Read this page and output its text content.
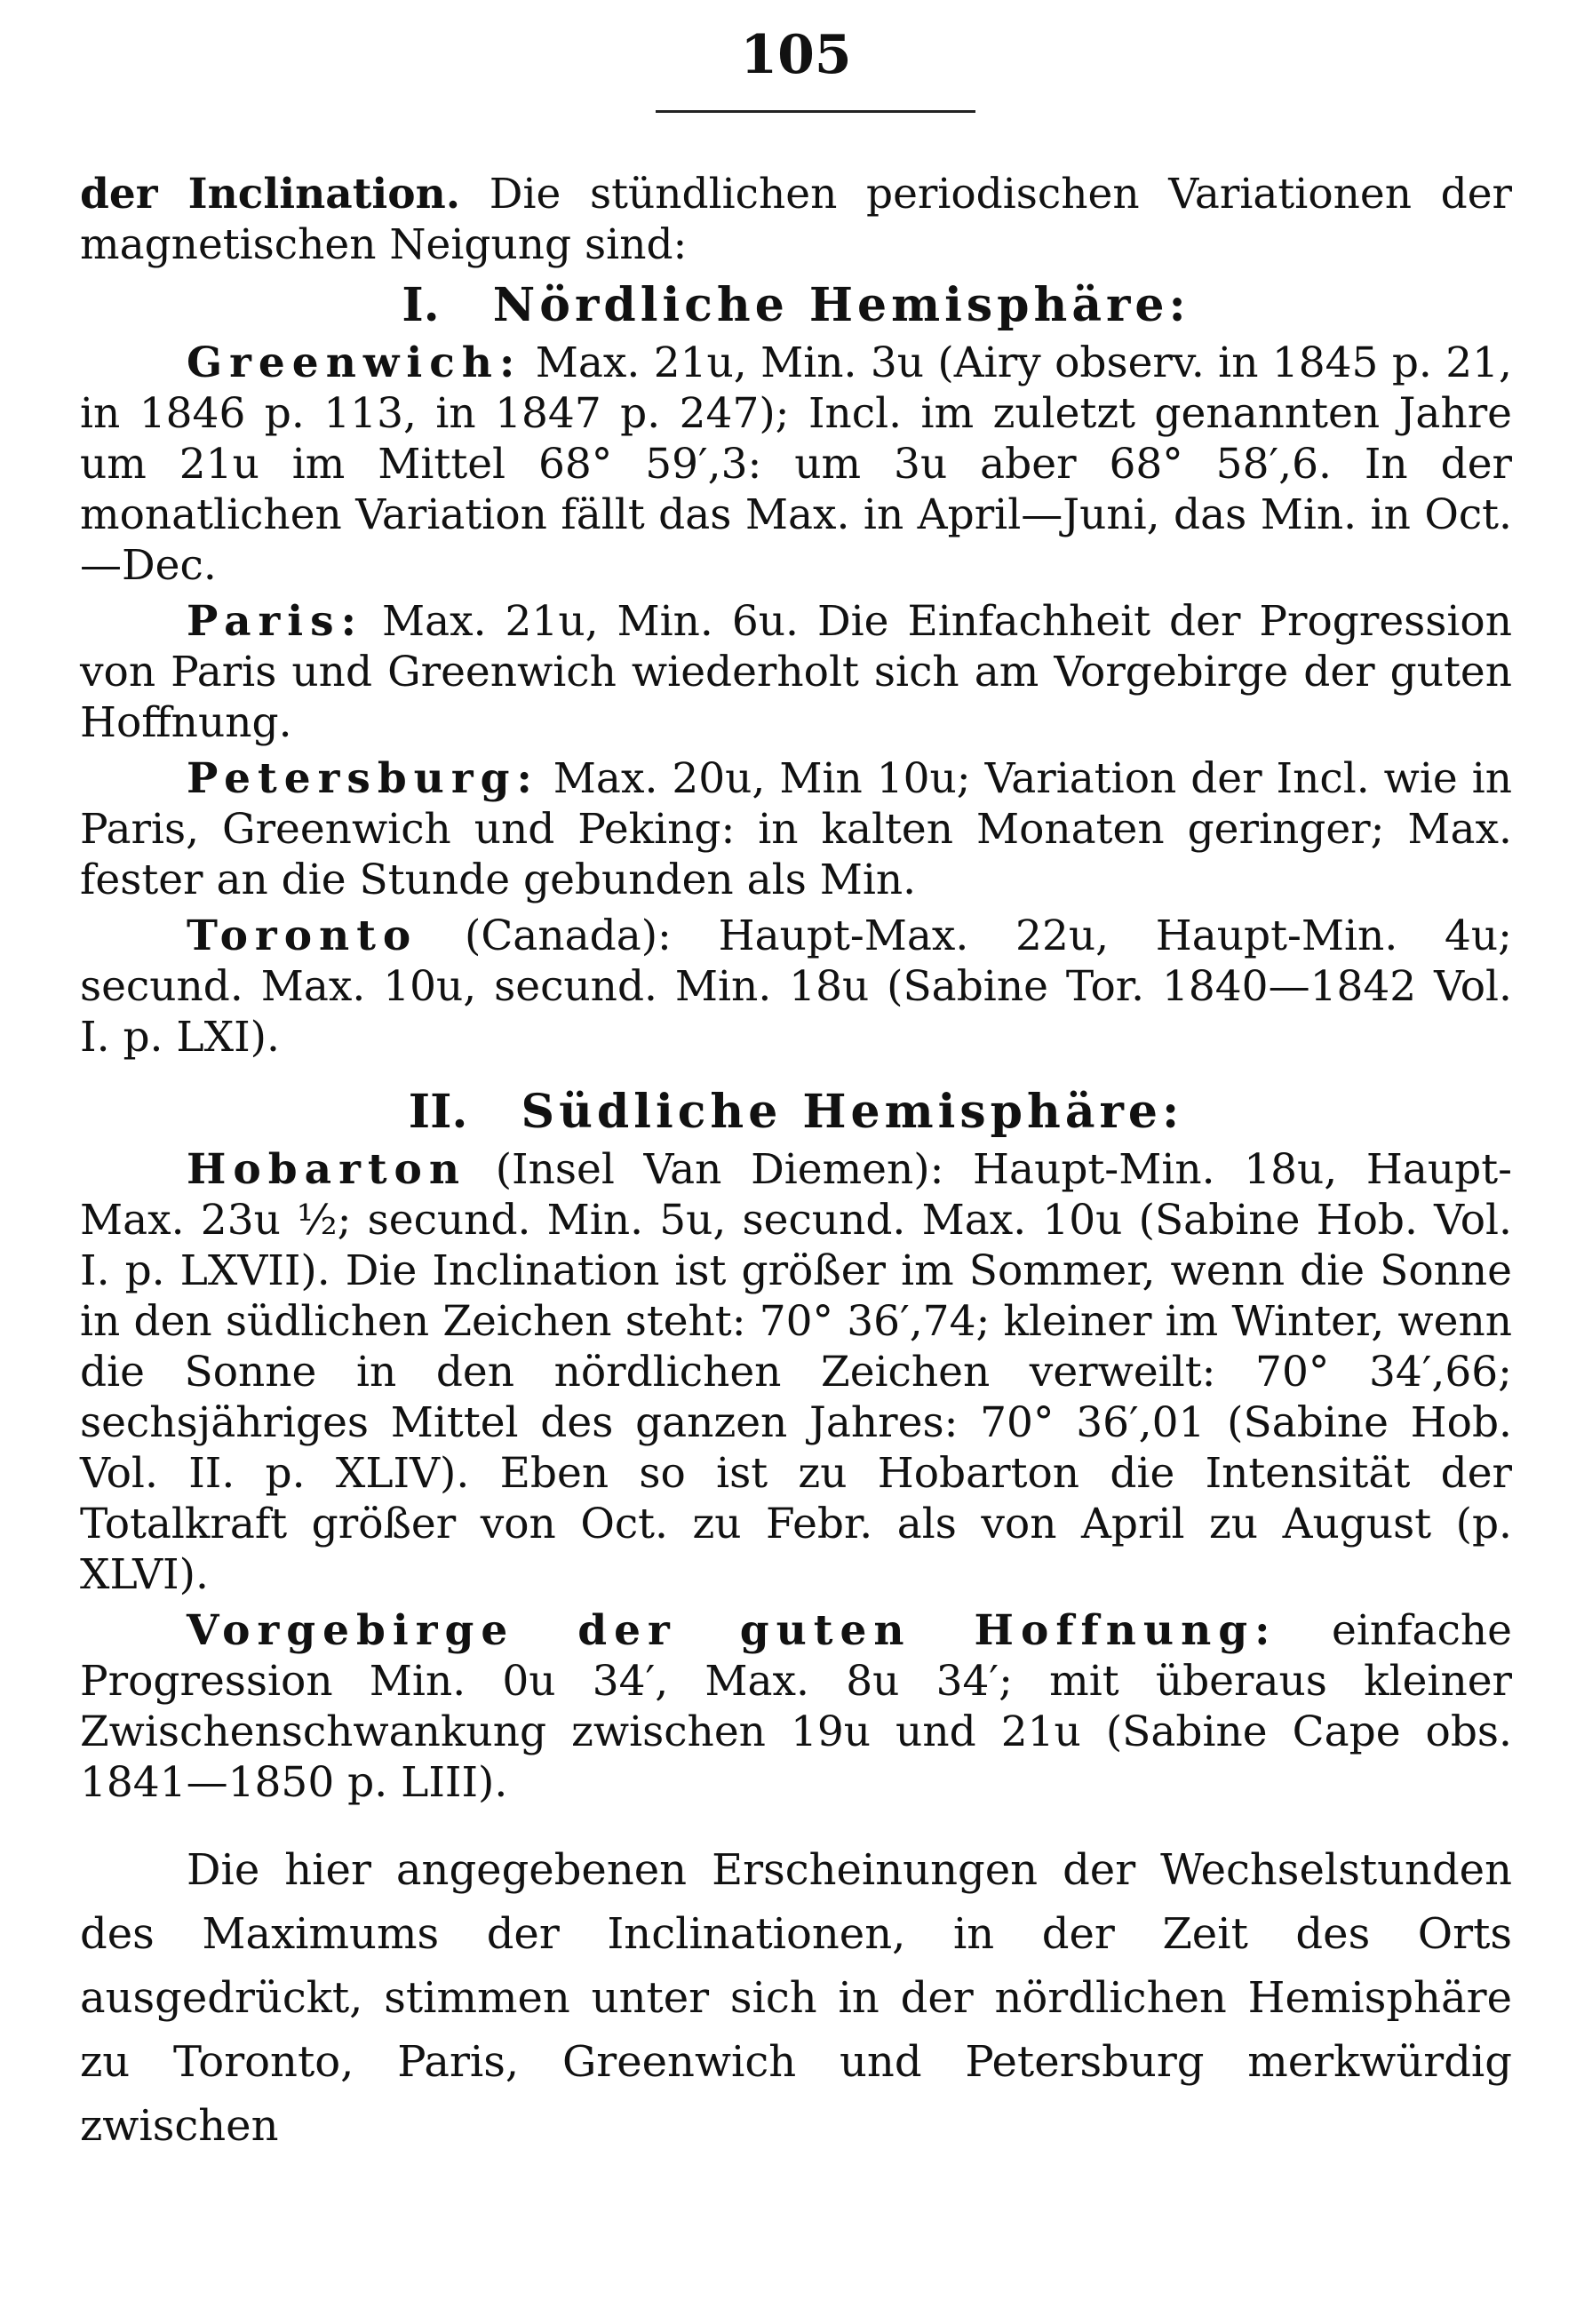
105

der Inclination. Die stündlichen periodischen Variationen der magnetischen Neigung sind:

I. Nördliche Hemisphäre:

Greenwich: Max. 21u, Min. 3u (Airy observ. in 1845 p. 21, in 1846 p. 113, in 1847 p. 247); Incl. im zuletzt genannten Jahre um 21u im Mittel 68° 59′,3: um 3u aber 68° 58′,6. In der monatlichen Variation fällt das Max. in April—Juni, das Min. in Oct.—Dec.

Paris: Max. 21u, Min. 6u. Die Einfachheit der Progression von Paris und Greenwich wiederholt sich am Vorgebirge der guten Hoffnung.

Petersburg: Max. 20u, Min 10u; Variation der Incl. wie in Paris, Greenwich und Peking: in kalten Monaten geringer; Max. fester an die Stunde gebunden als Min.

Toronto (Canada): Haupt-Max. 22u, Haupt-Min. 4u; secund. Max. 10u, secund. Min. 18u (Sabine Tor. 1840—1842 Vol. I. p. LXI).

II. Südliche Hemisphäre:

Hobarton (Insel Van Diemen): Haupt-Min. 18u, Haupt-Max. 23u ½; secund. Min. 5u, secund. Max. 10u (Sabine Hob. Vol. I. p. LXVII). Die Inclination ist größer im Sommer, wenn die Sonne in den südlichen Zeichen steht: 70° 36′,74; kleiner im Winter, wenn die Sonne in den nördlichen Zeichen verweilt: 70° 34′,66; sechsjähriges Mittel des ganzen Jahres: 70° 36′,01 (Sabine Hob. Vol. II. p. XLIV). Eben so ist zu Hobarton die Intensität der Totalkraft größer von Oct. zu Febr. als von April zu August (p. XLVI).

Vorgebirge der guten Hoffnung: einfache Progression Min. 0u 34′, Max. 8u 34′; mit überaus kleiner Zwischenschwankung zwischen 19u und 21u (Sabine Cape obs. 1841—1850 p. LIII).

Die hier angegebenen Erscheinungen der Wechselstunden des Maximums der Inclinationen, in der Zeit des Orts ausgedrückt, stimmen unter sich in der nördlichen Hemisphäre zu Toronto, Paris, Greenwich und Petersburg merkwürdig zwischen
